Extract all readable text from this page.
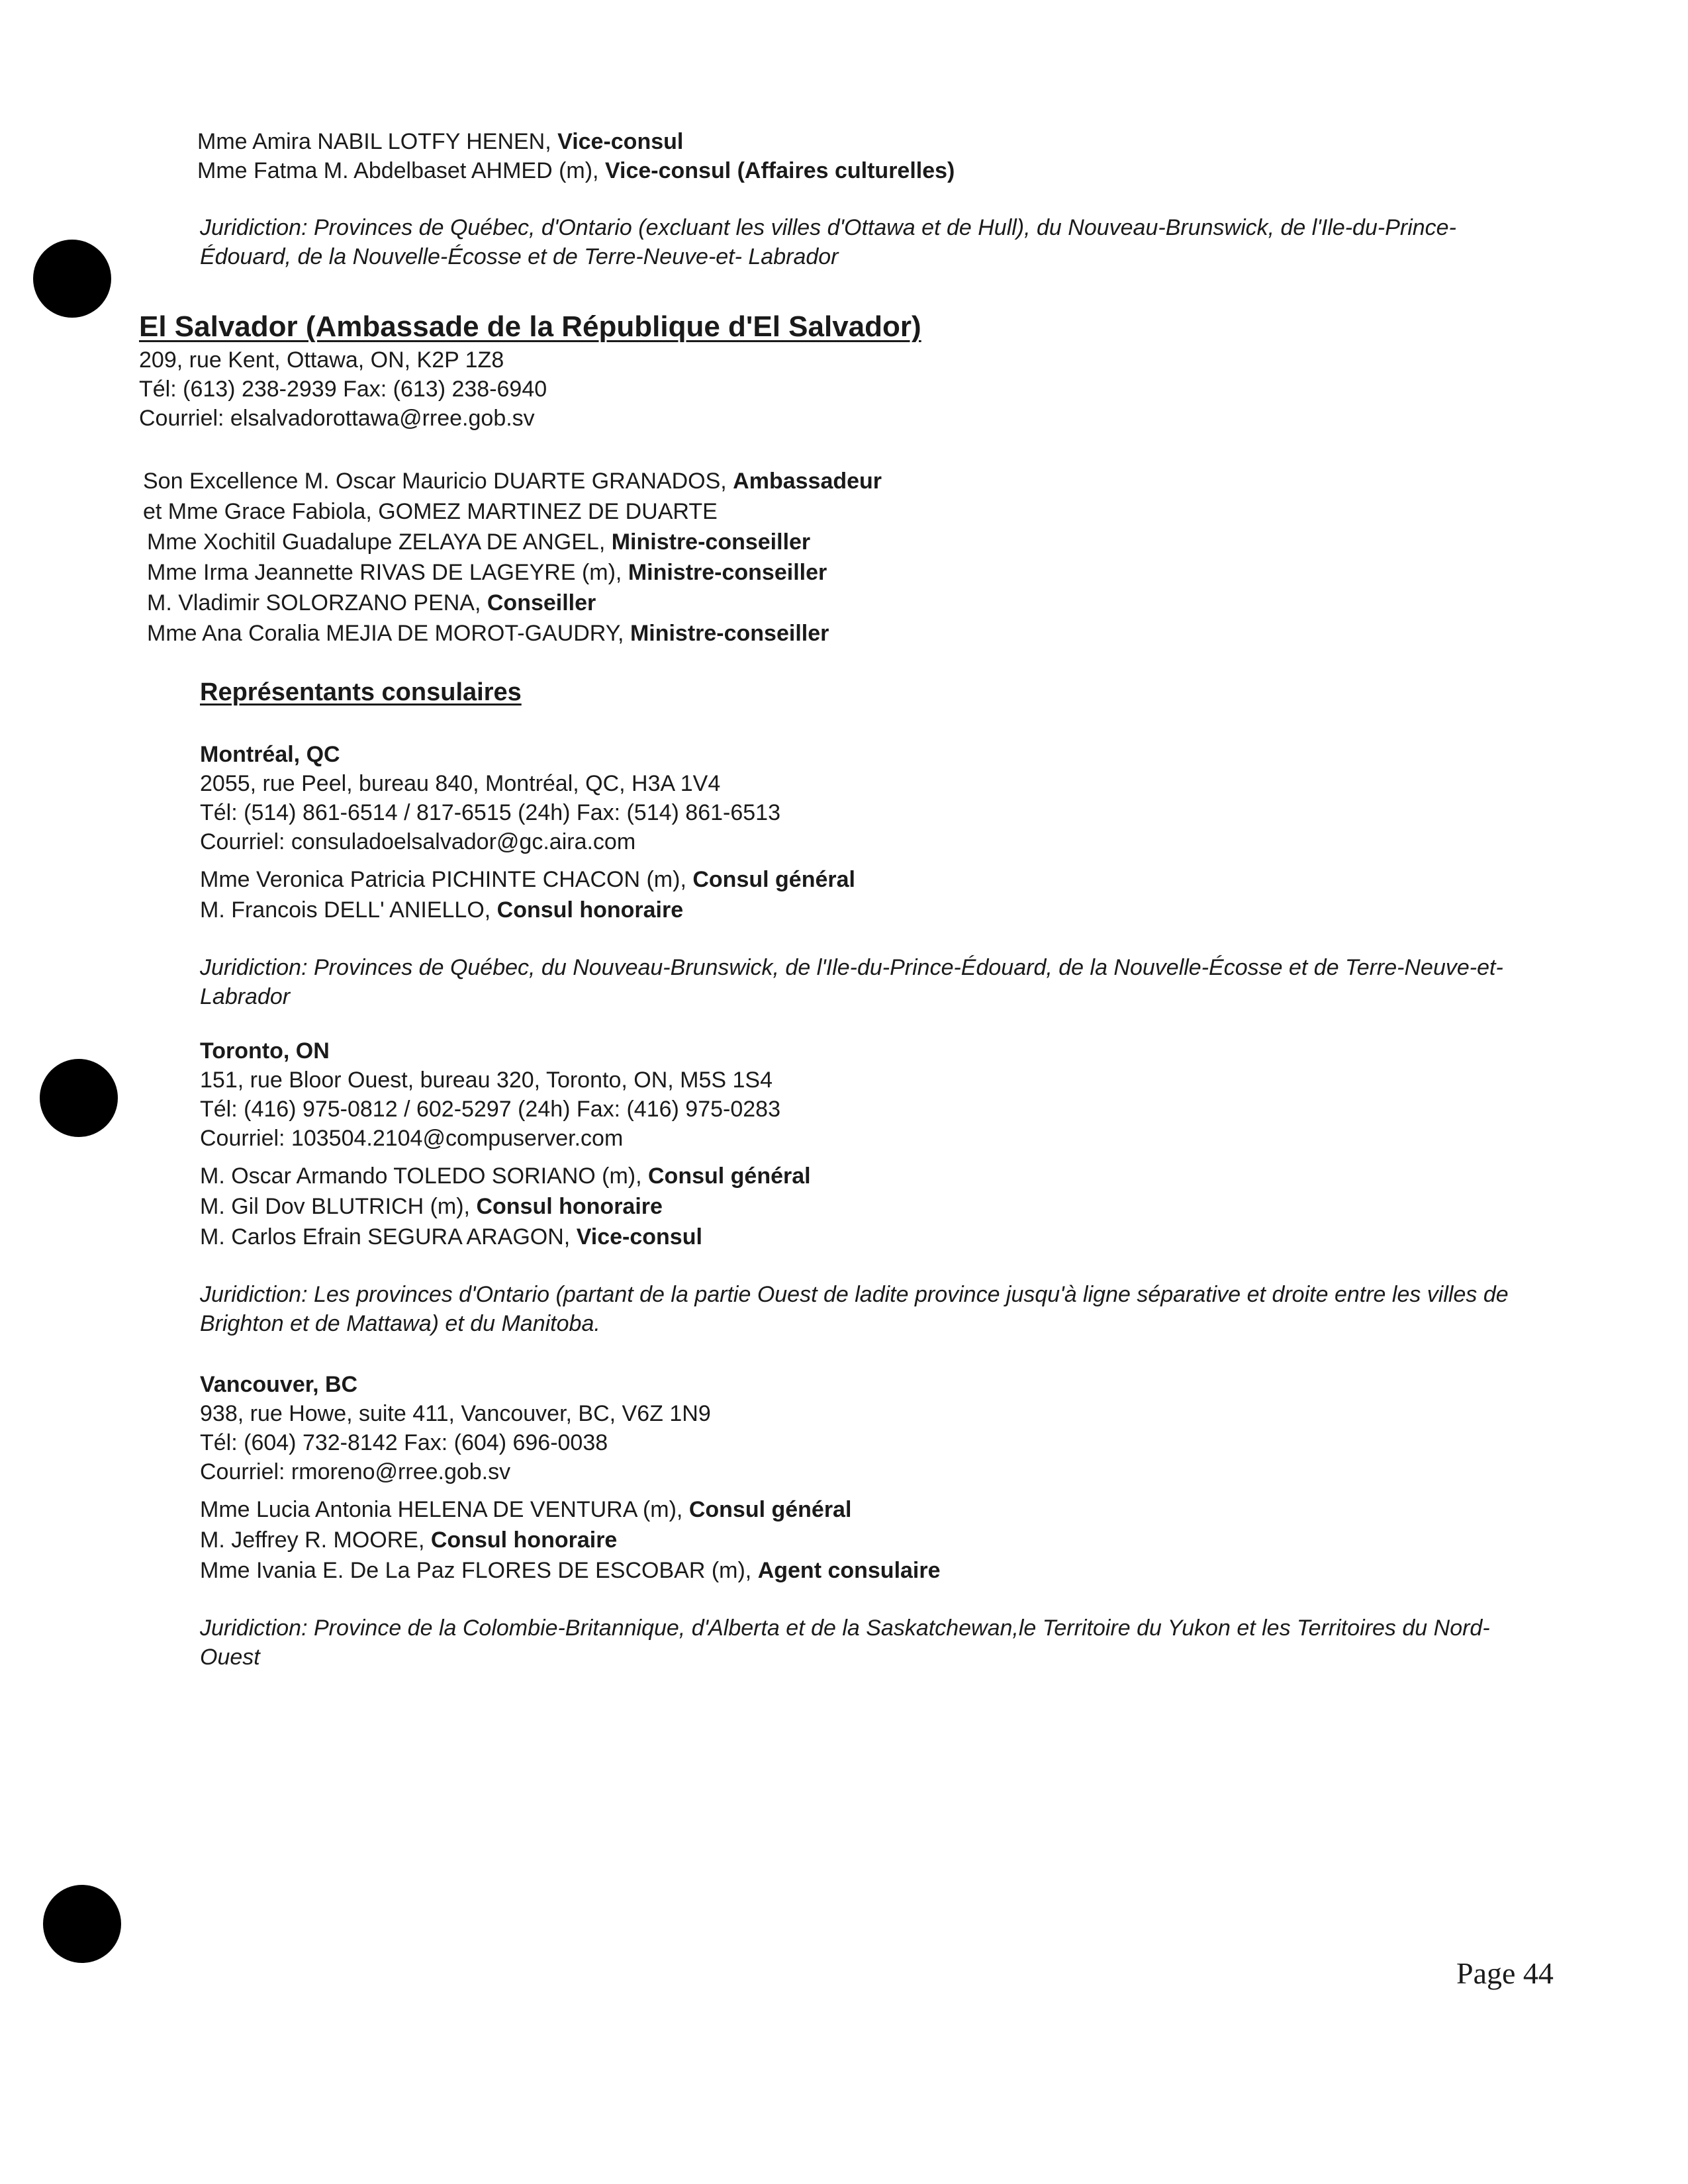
Mme Amira NABIL LOTFY HENEN, Vice-consul
Mme Fatma M. Abdelbaset AHMED (m), Vice-consul (Affaires culturelles)
Juridiction: Provinces de Québec, d'Ontario (excluant les villes d'Ottawa et de Hull), du Nouveau-Brunswick, de l'Ile-du-Prince-Édouard, de la Nouvelle-Écosse et de Terre-Neuve-et- Labrador
El Salvador (Ambassade de la République d'El Salvador)
209, rue Kent, Ottawa, ON, K2P 1Z8
Tél: (613) 238-2939 Fax: (613) 238-6940
Courriel: elsalvadorottawa@rree.gob.sv
Son Excellence M. Oscar Mauricio DUARTE GRANADOS, Ambassadeur
et Mme Grace Fabiola, GOMEZ MARTINEZ DE DUARTE
Mme Xochitil Guadalupe ZELAYA DE ANGEL, Ministre-conseiller
Mme Irma Jeannette RIVAS DE LAGEYRE (m), Ministre-conseiller
M. Vladimir SOLORZANO PENA, Conseiller
Mme Ana Coralia MEJIA DE MOROT-GAUDRY, Ministre-conseiller
Représentants consulaires
Montréal, QC
2055, rue Peel, bureau 840, Montréal, QC, H3A 1V4
Tél: (514) 861-6514 / 817-6515 (24h) Fax: (514) 861-6513
Courriel: consuladoelsalvador@gc.aira.com
Mme Veronica Patricia PICHINTE CHACON (m), Consul général
M. Francois DELL' ANIELLO, Consul honoraire
Juridiction: Provinces de Québec, du Nouveau-Brunswick, de l'Ile-du-Prince-Édouard, de la Nouvelle-Écosse et de Terre-Neuve-et- Labrador
Toronto, ON
151, rue Bloor Ouest, bureau 320, Toronto, ON, M5S 1S4
Tél: (416) 975-0812 / 602-5297 (24h) Fax: (416) 975-0283
Courriel: 103504.2104@compuserver.com
M. Oscar Armando TOLEDO SORIANO (m), Consul général
M. Gil Dov BLUTRICH (m), Consul honoraire
M. Carlos Efrain SEGURA ARAGON, Vice-consul
Juridiction: Les provinces d'Ontario (partant de la partie Ouest de ladite province jusqu'à ligne séparative et droite entre les villes de Brighton et de Mattawa) et du Manitoba.
Vancouver, BC
938, rue Howe, suite 411, Vancouver, BC, V6Z 1N9
Tél: (604) 732-8142 Fax: (604) 696-0038
Courriel: rmoreno@rree.gob.sv
Mme Lucia Antonia HELENA DE VENTURA (m), Consul général
M. Jeffrey R. MOORE, Consul honoraire
Mme Ivania E. De La Paz FLORES DE ESCOBAR (m), Agent consulaire
Juridiction: Province de la Colombie-Britannique, d'Alberta et de la Saskatchewan,le Territoire du Yukon et les Territoires du Nord-Ouest
Page 44
